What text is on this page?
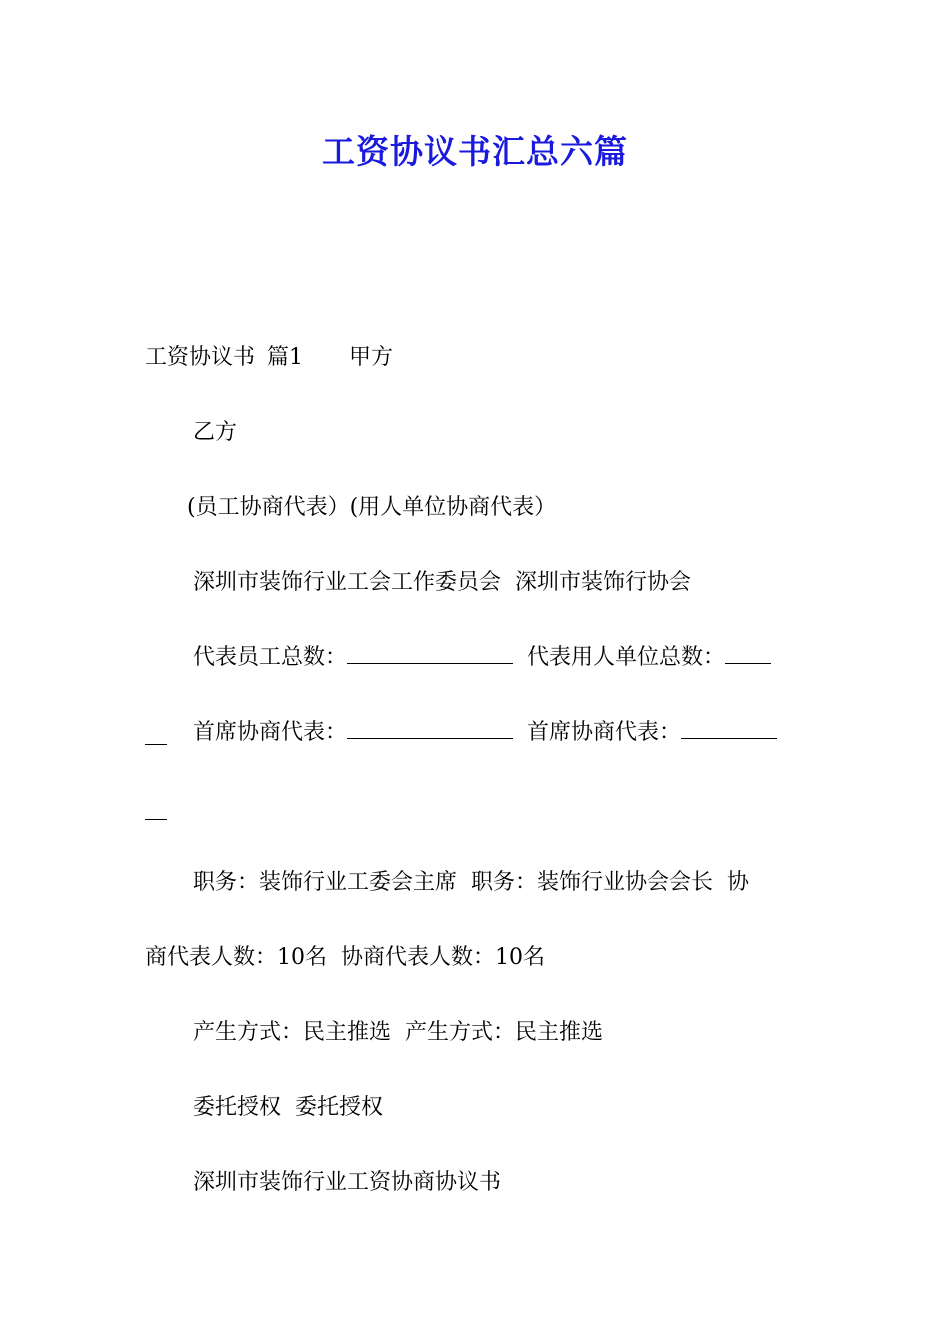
工资协议书汇总六篇
工资协议书 篇1 甲方
乙方
(员工协商代表）(用人单位协商代表）
深圳市装饰行业工会工作委员会 深圳市装饰行协会
代表员工总数：	代表用人单位总数：
首席协商代表：	首席协商代表：
职务：装饰行业工委会主席 职务：装饰行业协会会长 协
商代表人数：10名 协商代表人数：10名
产生方式：民主推选 产生方式：民主推选
委托授权 委托授权
深圳市装饰行业工资协商协议书
